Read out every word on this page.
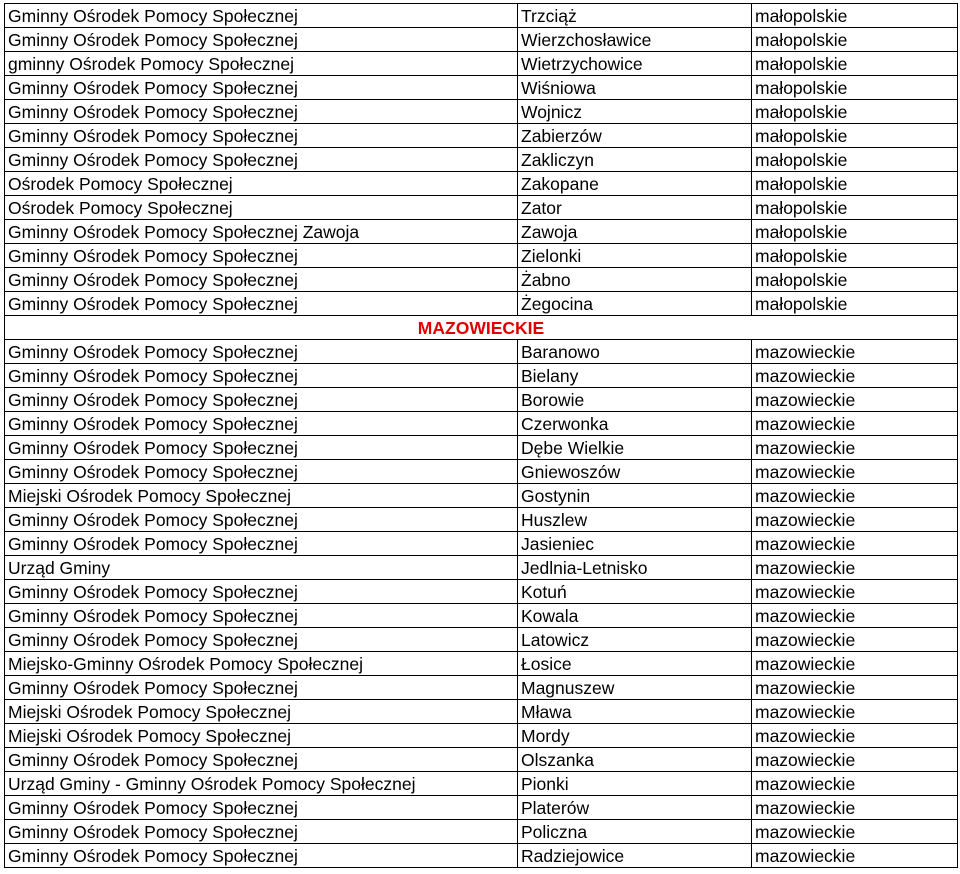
Gminny Ośrodek Pomocy Społecznej	Trzciąż	małopolskie
Gminny Ośrodek Pomocy Społecznej	Wierzchosławice	małopolskie
gminny Ośrodek Pomocy Społecznej	Wietrzychowice	małopolskie
Gminny Ośrodek Pomocy Społecznej	Wiśniowa	małopolskie
Gminny Ośrodek Pomocy Społecznej	Wojnicz	małopolskie
Gminny Ośrodek Pomocy Społecznej	Zabierzów	małopolskie
Gminny Ośrodek Pomocy Społecznej	Zakliczyn	małopolskie
Ośrodek Pomocy Społecznej	Zakopane	małopolskie
Ośrodek Pomocy Społecznej	Zator	małopolskie
Gminny Ośrodek Pomocy Społecznej Zawoja	Zawoja	małopolskie
Gminny Ośrodek Pomocy Społecznej	Zielonki	małopolskie
Gminny Ośrodek Pomocy Społecznej	Żabno	małopolskie
Gminny Ośrodek Pomocy Społecznej	Żegocina	małopolskie
MAZOWIECKIE		
Gminny Ośrodek Pomocy Społecznej	Baranowo	mazowieckie
Gminny Ośrodek Pomocy Społecznej	Bielany	mazowieckie
Gminny Ośrodek Pomocy Społecznej	Borowie	mazowieckie
Gminny Ośrodek Pomocy Społecznej	Czerwonka	mazowieckie
Gminny Ośrodek Pomocy Społecznej	Dębe Wielkie	mazowieckie
Gminny Ośrodek Pomocy Społecznej	Gniewoszów	mazowieckie
Miejski Ośrodek Pomocy Społecznej	Gostynin	mazowieckie
Gminny Ośrodek Pomocy Społecznej	Huszlew	mazowieckie
Gminny Ośrodek Pomocy Społecznej	Jasieniec	mazowieckie
Urząd Gminy	Jedlnia-Letnisko	mazowieckie
Gminny Ośrodek Pomocy Społecznej	Kotuń	mazowieckie
Gminny Ośrodek Pomocy Społecznej	Kowala	mazowieckie
Gminny Ośrodek Pomocy Społecznej	Latowicz	mazowieckie
Miejsko-Gminny Ośrodek Pomocy Społecznej	Łosice	mazowieckie
Gminny Ośrodek Pomocy Społecznej	Magnuszew	mazowieckie
Miejski Ośrodek Pomocy Społecznej	Mława	mazowieckie
Miejski Ośrodek Pomocy Społecznej	Mordy	mazowieckie
Gminny Ośrodek Pomocy Społecznej	Olszanka	mazowieckie
Urząd Gminy - Gminny Ośrodek Pomocy Społecznej	Pionki	mazowieckie
Gminny Ośrodek Pomocy Społecznej	Platerów	mazowieckie
Gminny Ośrodek Pomocy Społecznej	Policzna	mazowieckie
Gminny Ośrodek Pomocy Społecznej	Radziejowice	mazowieckie
